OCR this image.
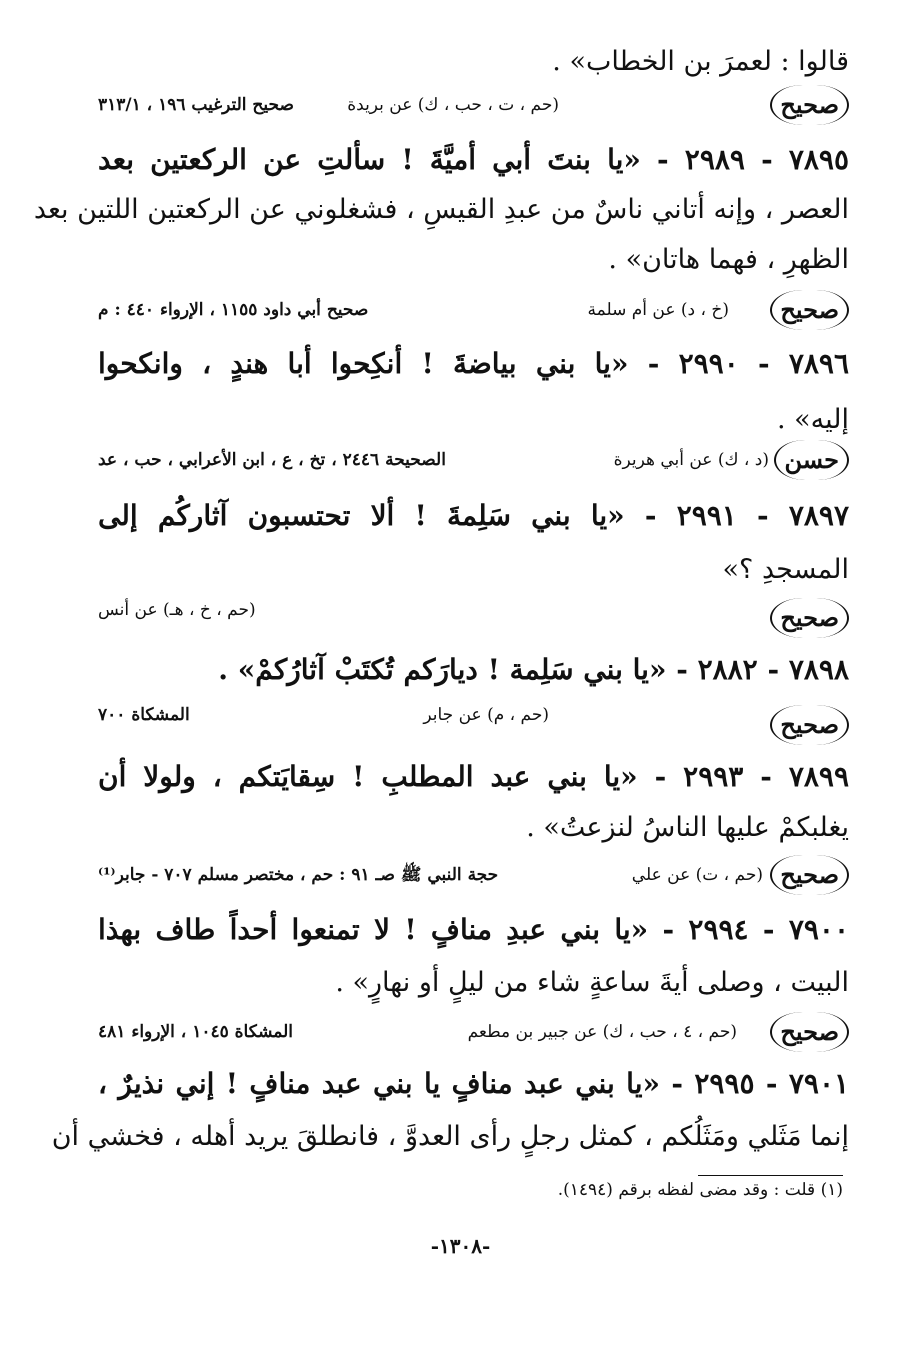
قالوا : لعمرَ بن الخطاب» .
صحيح
(حم ، ت ، حب ، ك) عن بريدة
صحيح الترغيب ١٩٦ ، ٣١٣/١
٧٨٩٥ - ٢٩٨٩ - «يا بنتَ أبي أميَّةَ ! سألتِ عن الركعتين بعد
العصر ، وإنه أتاني ناسٌ من عبدِ القيسِ ، فشغلوني عن الركعتين اللتين بعد
الظهرِ ، فهما هاتان» .
صحيح
(خ ، د) عن أم سلمة
صحيح أبي داود ١١٥٥ ، الإرواء ٤٤٠ : م
٧٨٩٦ - ٢٩٩٠ - «يا بني بياضةَ ! أنكِحوا أبا هندٍ ، وانكحوا
إليه» .
حسن
(د ، ك) عن أبي هريرة
الصحيحة ٢٤٤٦ ، تخ ، ع ، ابن الأعرابي ، حب ، عد
٧٨٩٧ - ٢٩٩١ - «يا بني سَلِمةَ ! ألا تحتسبون آثاركُم إلى
المسجدِ ؟»
صحيح
(حم ، خ ، هـ) عن أنس
٧٨٩٨ - ٢٨٨٢ - «يا بني سَلِمة ! ديارَكم تُكتَبْ آثارُكمْ» .
صحيح
(حم ، م) عن جابر
المشكاة ٧٠٠
٧٨٩٩ - ٢٩٩٣ - «يا بني عبد المطلبِ ! سِقايَتكم ، ولولا أن
يغلبكمْ عليها الناسُ لنزعتُ» .
صحيح
(حم ، ت) عن علي
حجة النبي ﷺ صـ ٩١ : حم ، مختصر مسلم ٧٠٧ - جابر⁽¹⁾
٧٩٠٠ - ٢٩٩٤ - «يا بني عبدِ منافٍ ! لا تمنعوا أحداً طاف بهذا
البيت ، وصلى أيةَ ساعةٍ شاء من ليلٍ أو نهارٍ» .
صحيح
(حم ، ٤ ، حب ، ك) عن جبير بن مطعم
المشكاة ١٠٤٥ ، الإرواء ٤٨١
٧٩٠١ - ٢٩٩٥ - «يا بني عبد منافٍ يا بني عبد منافٍ ! إني نذيرٌ ،
إنما مَثَلي ومَثَلُكم ، كمثل رجلٍ رأى العدوَّ ، فانطلقَ يريد أهله ، فخشي أن
(١) قلت : وقد مضى لفظه برقم (١٤٩٤).
-١٣٠٨-
